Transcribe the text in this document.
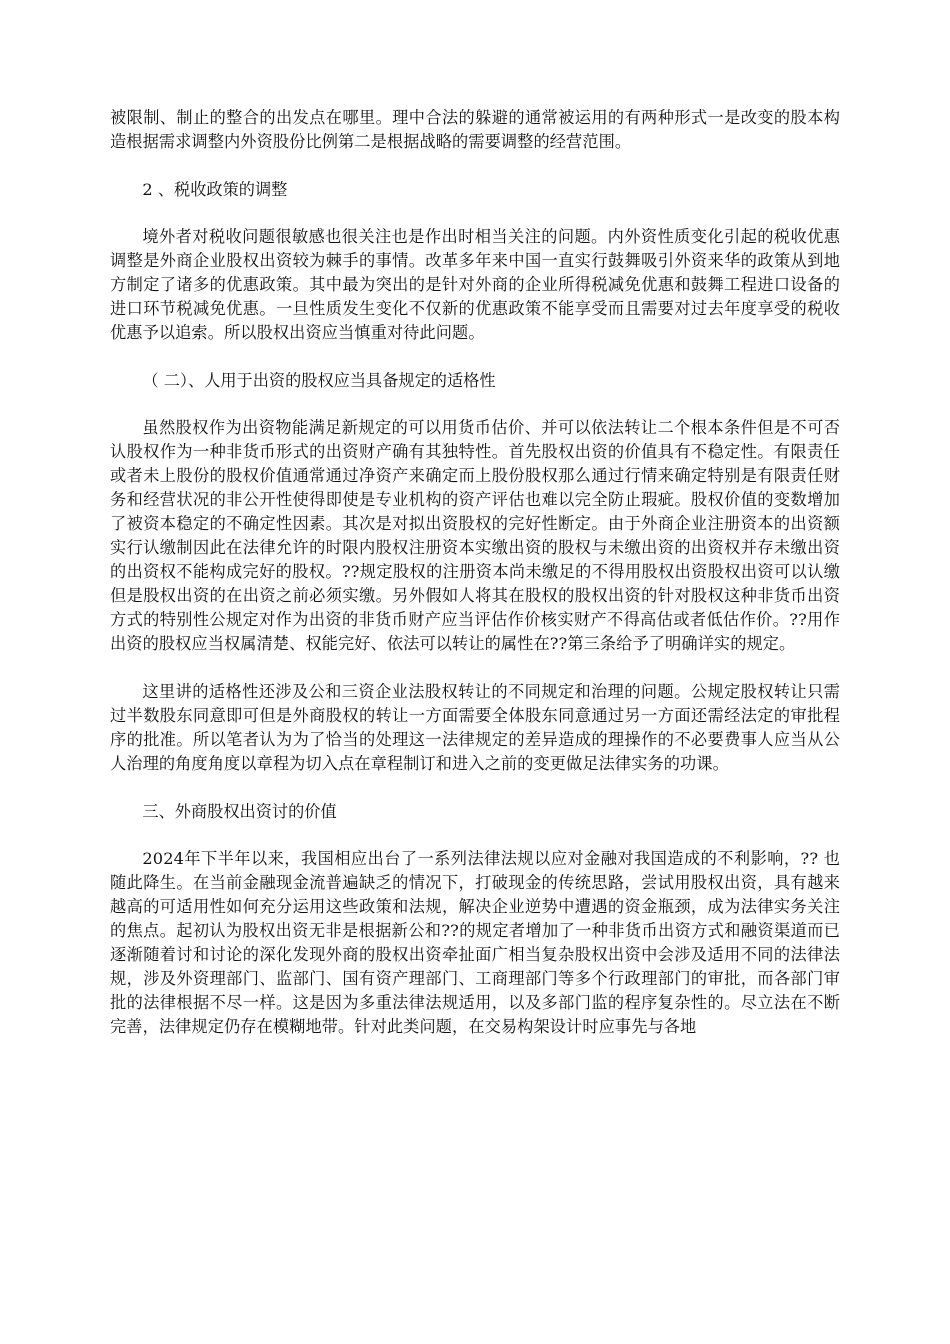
被限制、制止的整合的出发点在哪里。理中合法的躲避的通常被运用的有两种形式一是改变的股本构造根据需求调整内外资股份比例第二是根据战略的需要调整的经营范围。

2 、税收政策的调整

境外者对税收问题很敏感也很关注也是作出时相当关注的问题。内外资性质变化引起的税收优惠调整是外商企业股权出资较为棘手的事情。改革多年来中国一直实行鼓舞吸引外资来华的政策从到地方制定了诸多的优惠政策。其中最为突出的是针对外商的企业所得税减免优惠和鼓舞工程进口设备的进口环节税减免优惠。一旦性质发生变化不仅新的优惠政策不能享受而且需要对过去年度享受的税收优惠予以追索。所以股权出资应当慎重对待此问题。

（ 二）、人用于出资的股权应当具备规定的适格性

虽然股权作为出资物能满足新规定的可以用货币估价、并可以依法转让二个根本条件但是不可否认股权作为一种非货币形式的出资财产确有其独特性。首先股权出资的价值具有不稳定性。有限责任或者未上股份的股权价值通常通过净资产来确定而上股份股权那么通过行情来确定特别是有限责任财务和经营状况的非公开性使得即使是专业机构的资产评估也难以完全防止瑕疵。股权价值的变数增加了被资本稳定的不确定性因素。其次是对拟出资股权的完好性断定。由于外商企业注册资本的出资额实行认缴制因此在法律允许的时限内股权注册资本实缴出资的股权与未缴出资的出资权并存未缴出资的出资权不能构成完好的股权。??规定股权的注册资本尚未缴足的不得用股权出资股权出资可以认缴但是股权出资的在出资之前必须实缴。另外假如人将其在股权的股权出资的针对股权这种非货币出资方式的特别性公规定对作为出资的非货币财产应当评估作价核实财产不得高估或者低估作价。??用作出资的股权应当权属清楚、权能完好、依法可以转让的属性在??第三条给予了明确详实的规定。

这里讲的适格性还涉及公和三资企业法股权转让的不同规定和治理的问题。公规定股权转让只需过半数股东同意即可但是外商股权的转让一方面需要全体股东同意通过另一方面还需经法定的审批程序的批准。所以笔者认为为了恰当的处理这一法律规定的差异造成的理操作的不必要费事人应当从公人治理的角度角度以章程为切入点在章程制订和进入之前的变更做足法律实务的功课。

三、外商股权出资讨的价值

2024年下半年以来，我国相应出台了一系列法律法规以应对金融对我国造成的不利影响，?? 也随此降生。在当前金融现金流普遍缺乏的情况下，打破现金的传统思路，尝试用股权出资，具有越来越高的可适用性如何充分运用这些政策和法规，解决企业逆势中遭遇的资金瓶颈，成为法律实务关注的焦点。起初认为股权出资无非是根据新公和??的规定者增加了一种非货币出资方式和融资渠道而已逐渐随着讨和讨论的深化发现外商的股权出资牵扯面广相当复杂股权出资中会涉及适用不同的法律法规，涉及外资理部门、监部门、国有资产理部门、工商理部门等多个行政理部门的审批，而各部门审批的法律根据不尽一样。这是因为多重法律法规适用，以及多部门监的程序复杂性的。尽立法在不断完善，法律规定仍存在模糊地带。针对此类问题，在交易构架设计时应事先与各地
